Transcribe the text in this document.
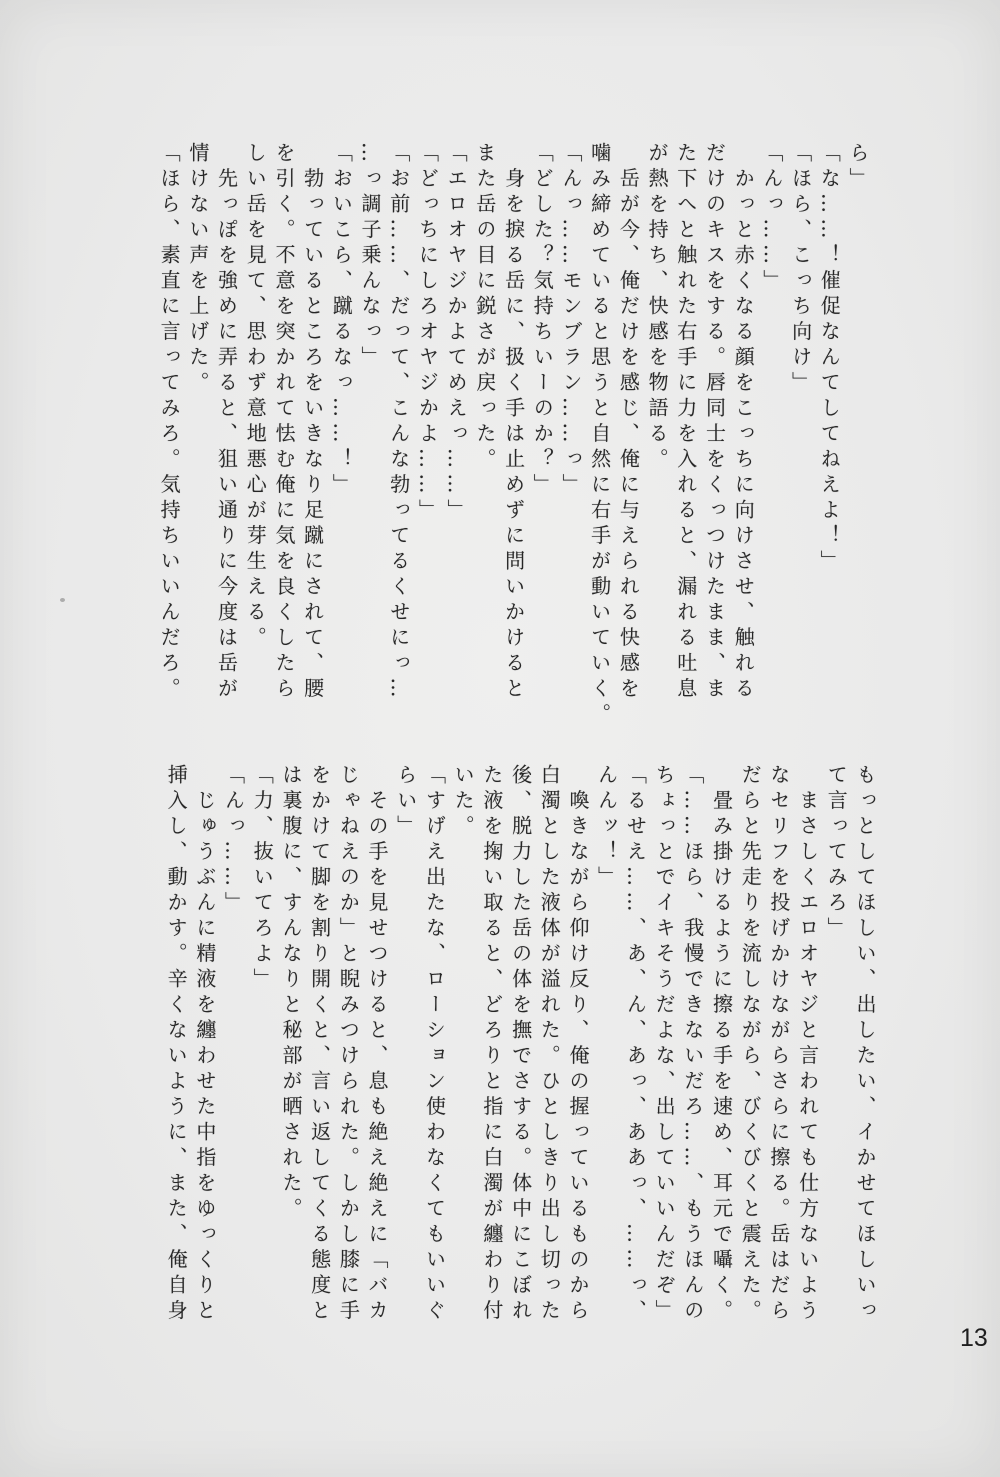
ら」
「な……！催促なんてしてねえよ！」
「ほら、こっち向け」
「んっ……」
　かっと赤くなる顔をこっちに向けさせ、触れる
だけのキスをする。唇同士をくっつけたまま、ま
た下へと触れた右手に力を入れると、漏れる吐息
が熱を持ち、快感を物語る。
　岳が今、俺だけを感じ、俺に与えられる快感を
噛み締めていると思うと自然に右手が動いていく。
「んっ……モンブラン……っ」
「どした？気持ちいーのか？」
　身を捩る岳に、扱く手は止めずに問いかけると
また岳の目に鋭さが戻った。
「エロオヤジかよてめえっ……」
「どっちにしろオヤジかよ……」
「お前……、だって、こんな勃ってるくせにっ…
…っ調子乗んなっ」
「おいこら、蹴るなっ……！」
　勃っているところをいきなり足蹴にされて、腰
を引く。不意を突かれて怯む俺に気を良くしたら
しい岳を見て、思わず意地悪心が芽生える。
　先っぽを強めに弄ると、狙い通りに今度は岳が
情けない声を上げた。
「ほら、素直に言ってみろ。気持ちいいんだろ。
もっとしてほしい、出したい、イかせてほしいっ
て言ってみろ」
　まさしくエロオヤジと言われても仕方ないよう
なセリフを投げかけながらさらに擦る。岳はだら
だらと先走りを流しながら、びくびくと震えた。
　畳み掛けるように擦る手を速め、耳元で囁く。
「……ほら、我慢できないだろ……、もうほんの
ちょっとでイキそうだよな、出していいんだぞ」
「るせえ……、あ、ん、あっ、ああっ、……っ、
んんッ！」
　喚きながら仰け反り、俺の握っているものから
白濁とした液体が溢れた。ひとしきり出し切った
後、脱力した岳の体を撫でさする。体中にこぼれ
た液を掬い取ると、どろりと指に白濁が纏わり付
いた。
「すげえ出たな、ローション使わなくてもいいぐ
らい」
　その手を見せつけると、息も絶え絶えに「バカ
じゃねえのか」と睨みつけられた。しかし膝に手
をかけて脚を割り開くと、言い返してくる態度と
は裏腹に、すんなりと秘部が晒された。
「力、抜いてろよ」
「んっ……」
　じゅうぶんに精液を纏わせた中指をゆっくりと
挿入し、動かす。辛くないように、また、俺自身
13
